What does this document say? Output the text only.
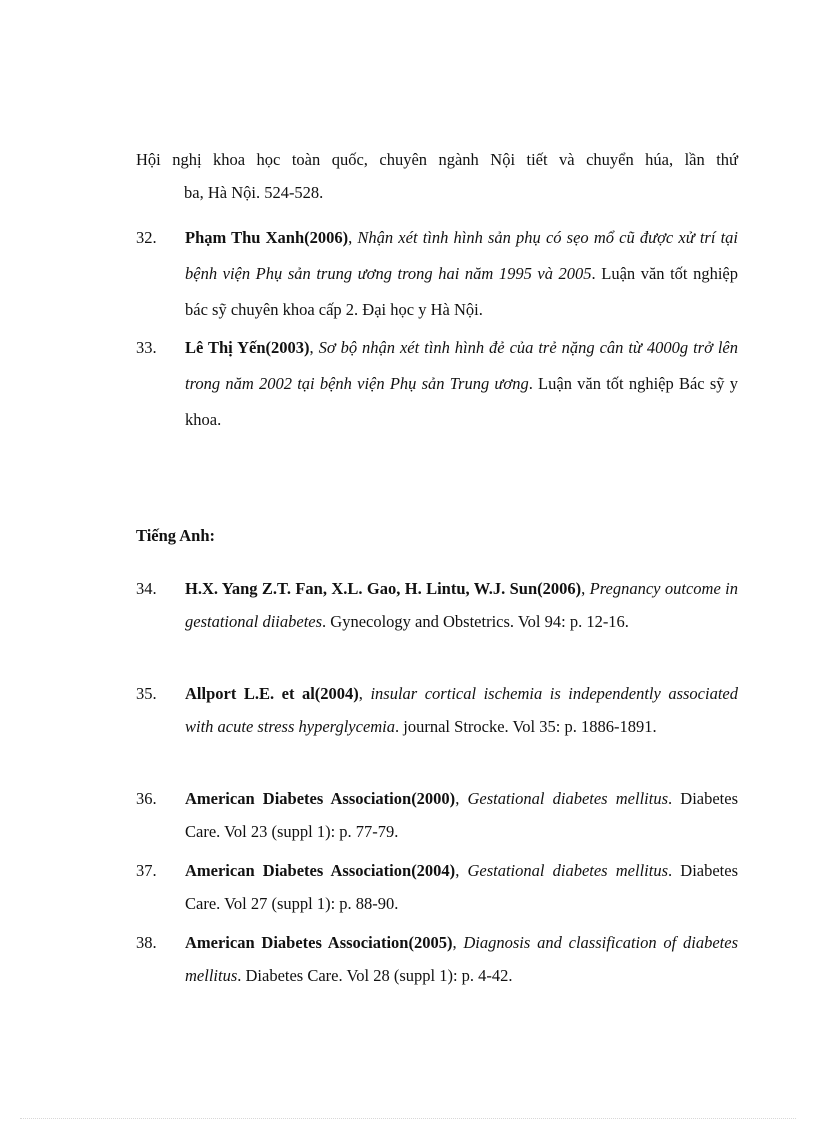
Hội nghị khoa học toàn quốc, chuyên ngành Nội tiết và chuyển húa, lần thứ
ba, Hà Nội. 524-528.
32.	Phạm Thu Xanh(2006), Nhận xét tình hình sản phụ có sẹo mổ cũ được xử trí tại bệnh viện Phụ sản trung ương trong hai năm 1995 và 2005. Luận văn tốt nghiệp bác sỹ chuyên khoa cấp 2. Đại học y Hà Nội.
33.	Lê Thị Yến(2003), Sơ bộ nhận xét tình hình đẻ của trẻ nặng cân từ 4000g trở lên trong năm 2002 tại bệnh viện Phụ sản Trung ương. Luận văn tốt nghiệp Bác sỹ y khoa.
Tiếng Anh:
34.	H.X. Yang Z.T. Fan, X.L. Gao, H. Lintu, W.J. Sun(2006), Pregnancy outcome in gestational diiabetes. Gynecology and Obstetrics. Vol 94: p. 12-16.
35.	Allport L.E. et al(2004), insular cortical ischemia is independently associated with acute stress hyperglycemia. journal Strocke. Vol 35: p. 1886-1891.
36.	American Diabetes Association(2000), Gestational diabetes mellitus. Diabetes Care. Vol 23 (suppl 1): p. 77-79.
37.	American Diabetes Association(2004), Gestational diabetes mellitus. Diabetes Care. Vol 27 (suppl 1): p. 88-90.
38.	American Diabetes Association(2005), Diagnosis and classification of diabetes mellitus. Diabetes Care. Vol 28 (suppl 1): p. 4-42.
